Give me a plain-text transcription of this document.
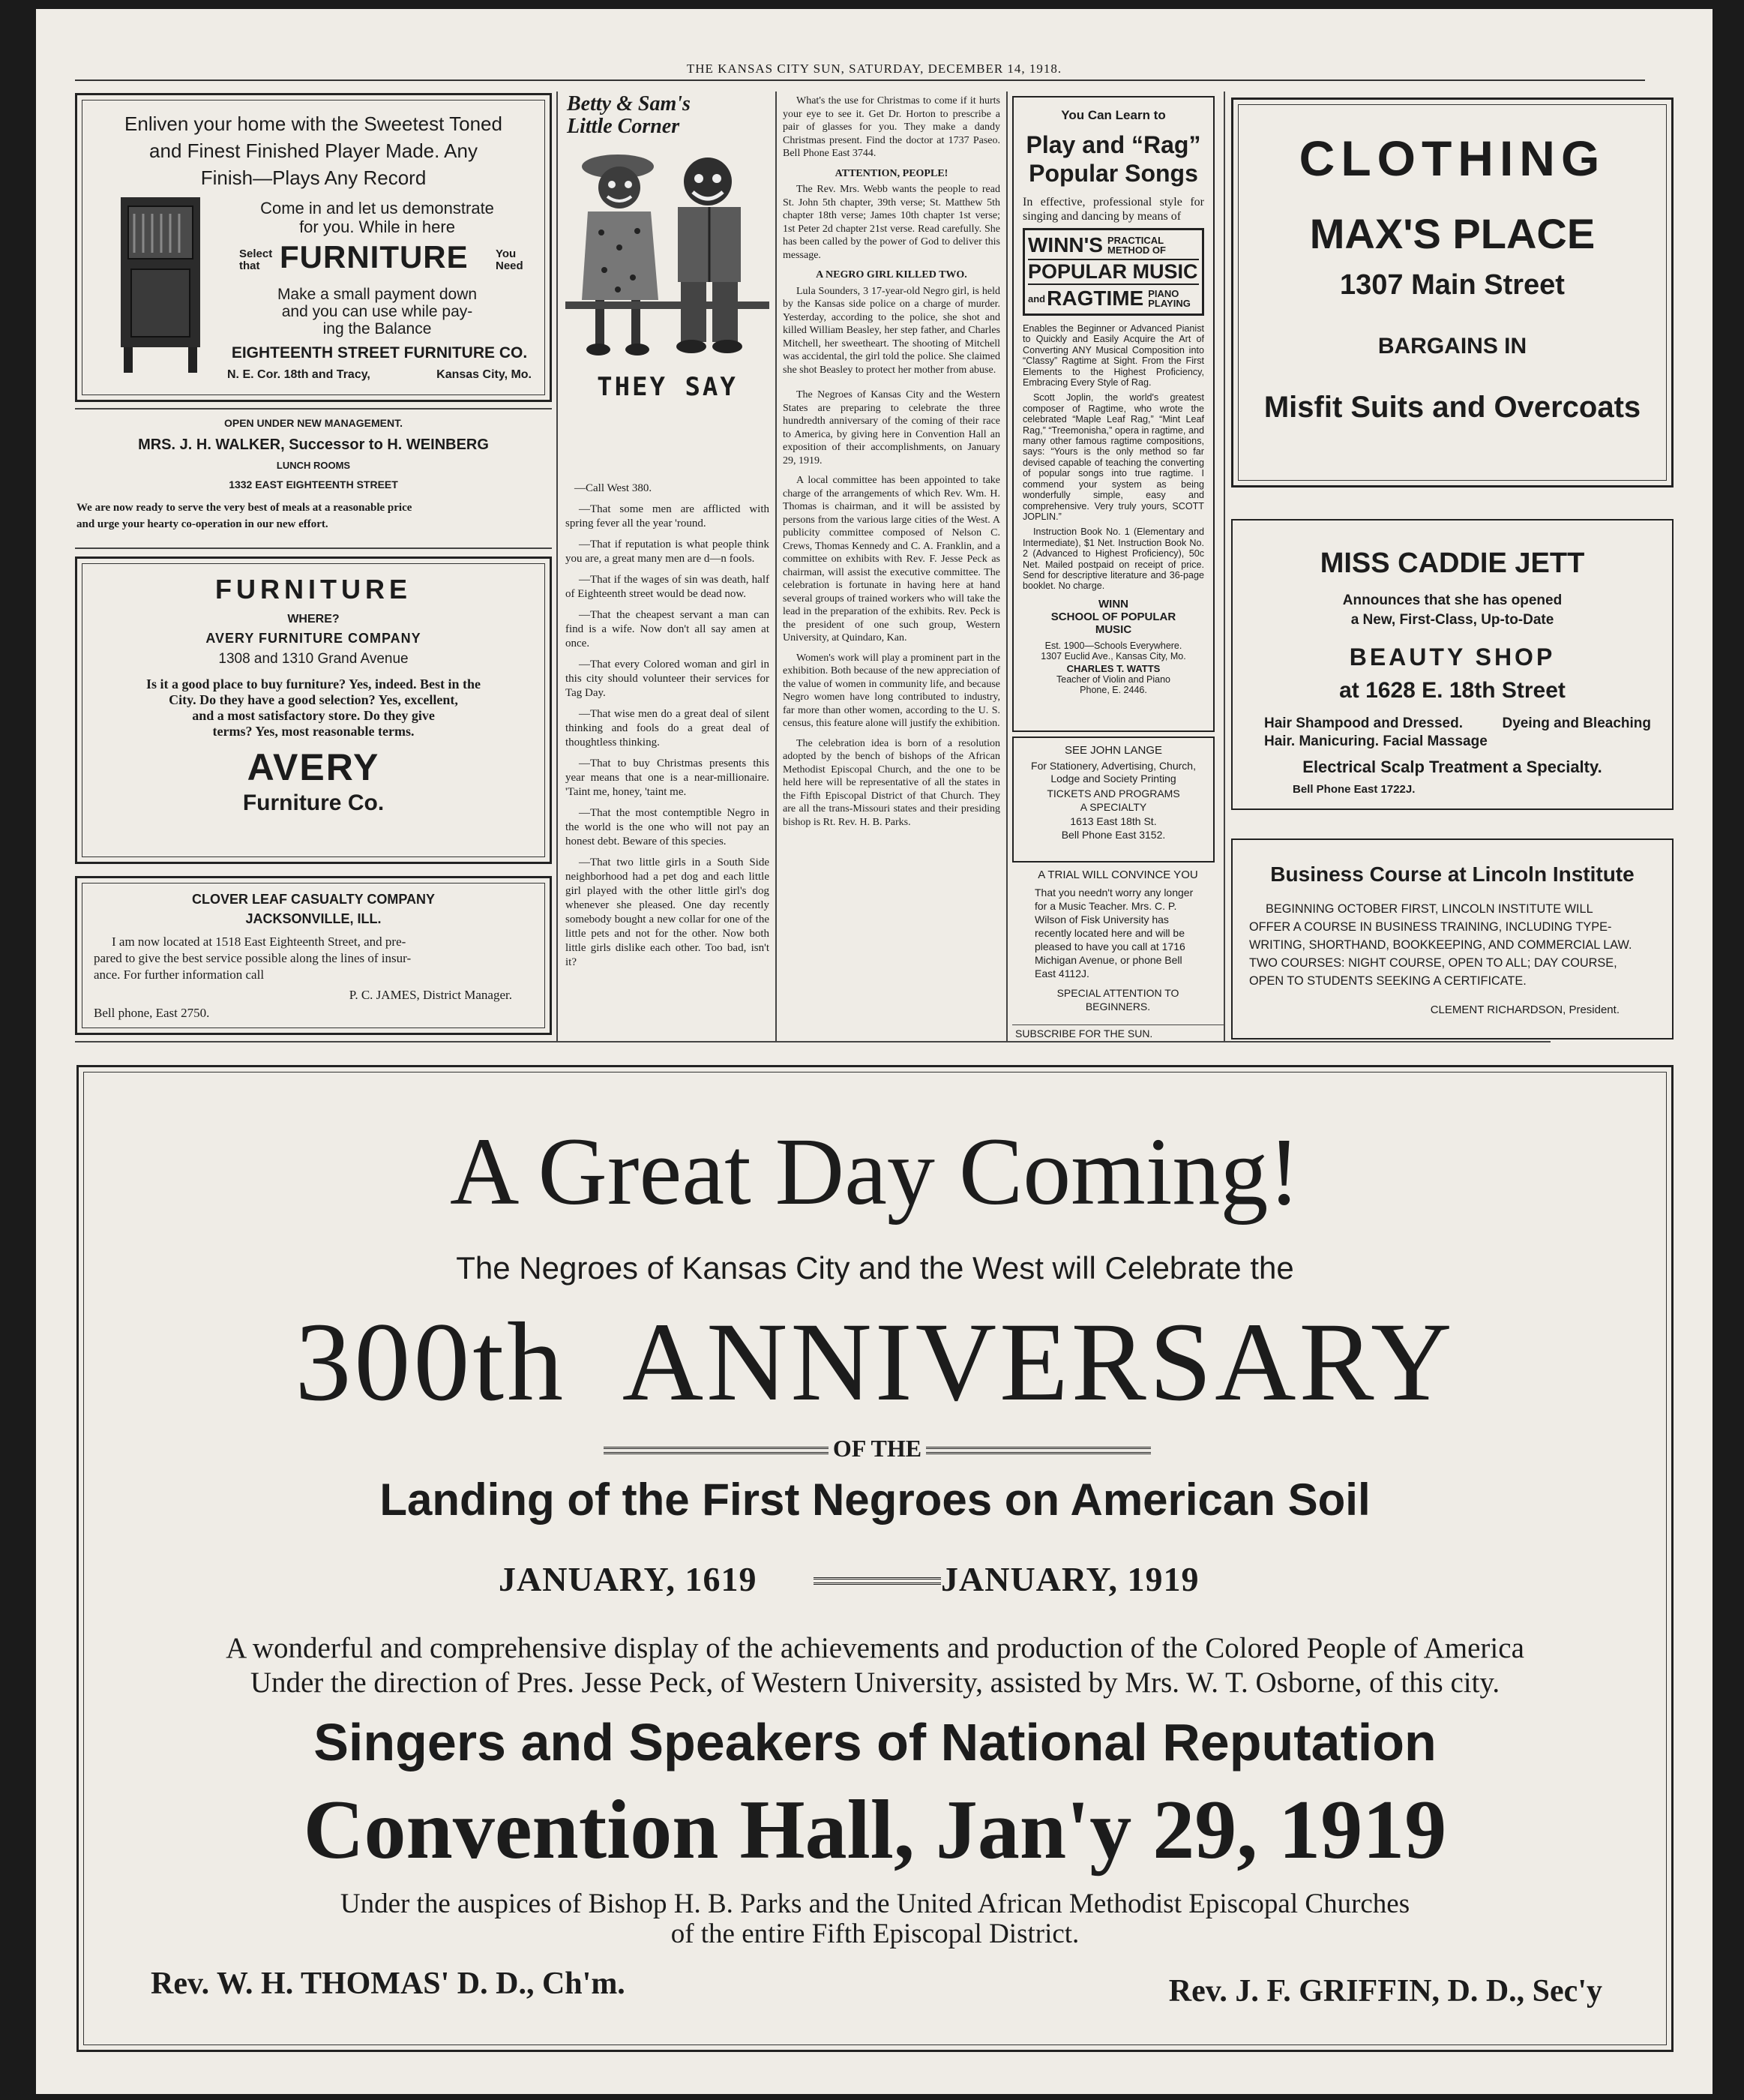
THE KANSAS CITY SUN, SATURDAY, DECEMBER 14, 1918.
Enliven your home with the Sweetest Toned
and Finest Finished Player Made. Any
Finish—Plays Any Record
Come in and let us demonstrate
for you. While in here
Select that FURNITURE You Need
Make a small payment down
and you can use while pay-
ing the Balance
EIGHTEENTH STREET FURNITURE CO.
N. E. Cor. 18th and Tracy,	Kansas City, Mo.
OPEN UNDER NEW MANAGEMENT.
MRS. J. H. WALKER, Successor to H. WEINBERG
LUNCH ROOMS
1332 EAST EIGHTEENTH STREET
We are now ready to serve the very best of meals at a reasonable price
and urge your hearty co-operation in our new effort.
FURNITURE
WHERE?
AVERY FURNITURE COMPANY
1308 and 1310 Grand Avenue
Is it a good place to buy furniture? Yes, indeed. Best in the
City. Do they have a good selection? Yes, excellent,
and a most satisfactory store. Do they give
terms? Yes, most reasonable terms.
AVERY
Furniture Co.
CLOVER LEAF CASUALTY COMPANY
JACKSONVILLE, ILL.
I am now located at 1518 East Eighteenth Street, and pre-
pared to give the best service possible along the lines of insur-
ance. For further information call
P. C. JAMES, District Manager.
Bell phone, East 2750.
Betty & Sam's
Little Corner
THEY SAY

—Call West 380.

—That some men are afflicted with spring fever all the year 'round.

—That if reputation is what people think you are, a great many men are d—n fools.

—That if the wages of sin was death, half of Eighteenth street would be dead now.

—That the cheapest servant a man can find is a wife. Now don't all say amen at once.

—That every Colored woman and girl in this city should volunteer their services for Tag Day.

—That wise men do a great deal of silent thinking and fools do a great deal of thoughtless thinking.

—That to buy Christmas presents this year means that one is a near-millionaire. 'Taint me, honey, 'taint me.

—That the most contemptible Negro in the world is the one who will not pay an honest debt. Beware of this species.

—That two little girls in a South Side neighborhood had a pet dog and each little girl played with the other little girl's dog whenever she pleased. One day recently somebody bought a new collar for one of the little pets and not for the other. Now both little girls dislike each other. Too bad, isn't it?

What's the use for Christmas to come if it hurts your eye to see it. Get Dr. Horton to prescribe a pair of glasses for you. They make a dandy Christmas present. Find the doctor at 1737 Paseo. Bell Phone East 3744.

ATTENTION, PEOPLE!

The Rev. Mrs. Webb wants the people to read St. John 5th chapter, 39th verse; St. Matthew 5th chapter 18th verse; James 10th chapter 1st verse; 1st Peter 2d chapter 21st verse. Read carefully. She has been called by the power of God to deliver this message.

A NEGRO GIRL KILLED TWO.

Lula Sounders, 3 17-year-old Negro girl, is held by the Kansas side police on a charge of murder. Yesterday, according to the police, she shot and killed William Beasley, her step father, and Charles Mitchell, her sweetheart. The shooting of Mitchell was accidental, the girl told the police. She claimed she shot Beasley to protect her mother from abuse.

The Negroes of Kansas City and the Western States are preparing to celebrate the three hundredth anniversary of the coming of their race to America, by giving here in Convention Hall an exposition of their accomplishments, on January 29, 1919.

A local committee has been appointed to take charge of the arrangements of which Rev. Wm. H. Thomas is chairman, and it will be assisted by persons from the various large cities of the West. A publicity committee composed of Nelson C. Crews, Thomas Kennedy and C. A. Franklin, and a committee on exhibits with Rev. F. Jesse Peck as chairman, will assist the executive committee. The celebration is fortunate in having here at hand several groups of trained workers who will take the lead in the preparation of the exhibits. Rev. Peck is the president of one such group, Western University, at Quindaro, Kan.

Women's work will play a prominent part in the exhibition. Both because of the new appreciation of the value of women in community life, and because Negro women have long contributed to industry, far more than other women, according to the U. S. census, this feature alone will justify the exhibition.

The celebration idea is born of a resolution adopted by the bench of bishops of the African Methodist Episcopal Church, and the one to be held here will be representative of all the states in the Fifth Episcopal District of that Church. They are all the trans-Missouri states and their presiding bishop is Rt. Rev. H. B. Parks.

You Can Learn to
Play and “Rag”
Popular Songs
In effective, professional style for singing and dancing by means of
WINN'S PRACTICAL METHOD OF
POPULAR MUSIC
and RAGTIME PIANO PLAYING
Enables the Beginner or Advanced Pianist to Quickly and Easily Acquire the Art of Converting ANY Musical Composition into “Classy” Ragtime at Sight. From the First Elements to the Highest Proficiency, Embracing Every Style of Rag.
Scott Joplin, the world's greatest composer of Ragtime, who wrote the celebrated “Maple Leaf Rag,” “Mint Leaf Rag,” “Treemonisha,” opera in ragtime, and many other famous ragtime compositions, says: “Yours is the only method so far devised capable of teaching the converting of popular songs into true ragtime. I commend your system as being wonderfully simple, easy and comprehensive. Very truly yours, SCOTT JOPLIN.”
Instruction Book No. 1 (Elementary and Intermediate), $1 Net. Instruction Book No. 2 (Advanced to Highest Proficiency), 50c Net. Mailed postpaid on receipt of price. Send for descriptive literature and 36-page booklet. No charge.
WINN
SCHOOL OF POPULAR MUSIC
Est. 1900—Schools Everywhere.
1307 Euclid Ave., Kansas City, Mo.
CHARLES T. WATTS
Teacher of Violin and Piano
Phone, E. 2446.
SEE JOHN LANGE
For Stationery, Advertising, Church, Lodge and Society Printing
TICKETS AND PROGRAMS
A SPECIALTY
1613 East 18th St.
Bell Phone East 3152.
A TRIAL WILL CONVINCE YOU
That you needn't worry any longer for a Music Teacher. Mrs. C. P. Wilson of Fisk University has recently located here and will be pleased to have you call at 1716 Michigan Avenue, or phone Bell East 4112J.
SPECIAL ATTENTION TO BEGINNERS.
SUBSCRIBE FOR THE SUN.
CLOTHING
MAX'S PLACE
1307 Main Street
BARGAINS IN
Misfit Suits and Overcoats
MISS CADDIE JETT
Announces that she has opened
a New, First-Class, Up-to-Date
BEAUTY SHOP
at 1628 E. 18th Street
Hair Shampood and Dressed.	Dyeing and Bleaching
Hair. Manicuring. Facial Massage
Electrical Scalp Treatment a Specialty.
Bell Phone East 1722J.
Business Course at Lincoln Institute
BEGINNING OCTOBER FIRST, LINCOLN INSTITUTE WILL
OFFER A COURSE IN BUSINESS TRAINING, INCLUDING TYPE-
WRITING, SHORTHAND, BOOKKEEPING, AND COMMERCIAL LAW.
TWO COURSES: NIGHT COURSE, OPEN TO ALL; DAY COURSE,
OPEN TO STUDENTS SEEKING A CERTIFICATE.
CLEMENT RICHARDSON, President.
A Great Day Coming!
The Negroes of Kansas City and the West will Celebrate the
300th  ANNIVERSARY
OF THE
Landing of the First Negroes on American Soil
JANUARY, 1619	JANUARY, 1919
A wonderful and comprehensive display of the achievements and production of the Colored People of America
Under the direction of Pres. Jesse Peck, of Western University, assisted by Mrs. W. T. Osborne, of this city.
Singers and Speakers of National Reputation
Convention Hall, Jan'y 29, 1919
Under the auspices of Bishop H. B. Parks and the United African Methodist Episcopal Churches
of the entire Fifth Episcopal District.
Rev. W. H. THOMAS' D. D., Ch'm.	Rev. J. F. GRIFFIN, D. D., Sec'y
